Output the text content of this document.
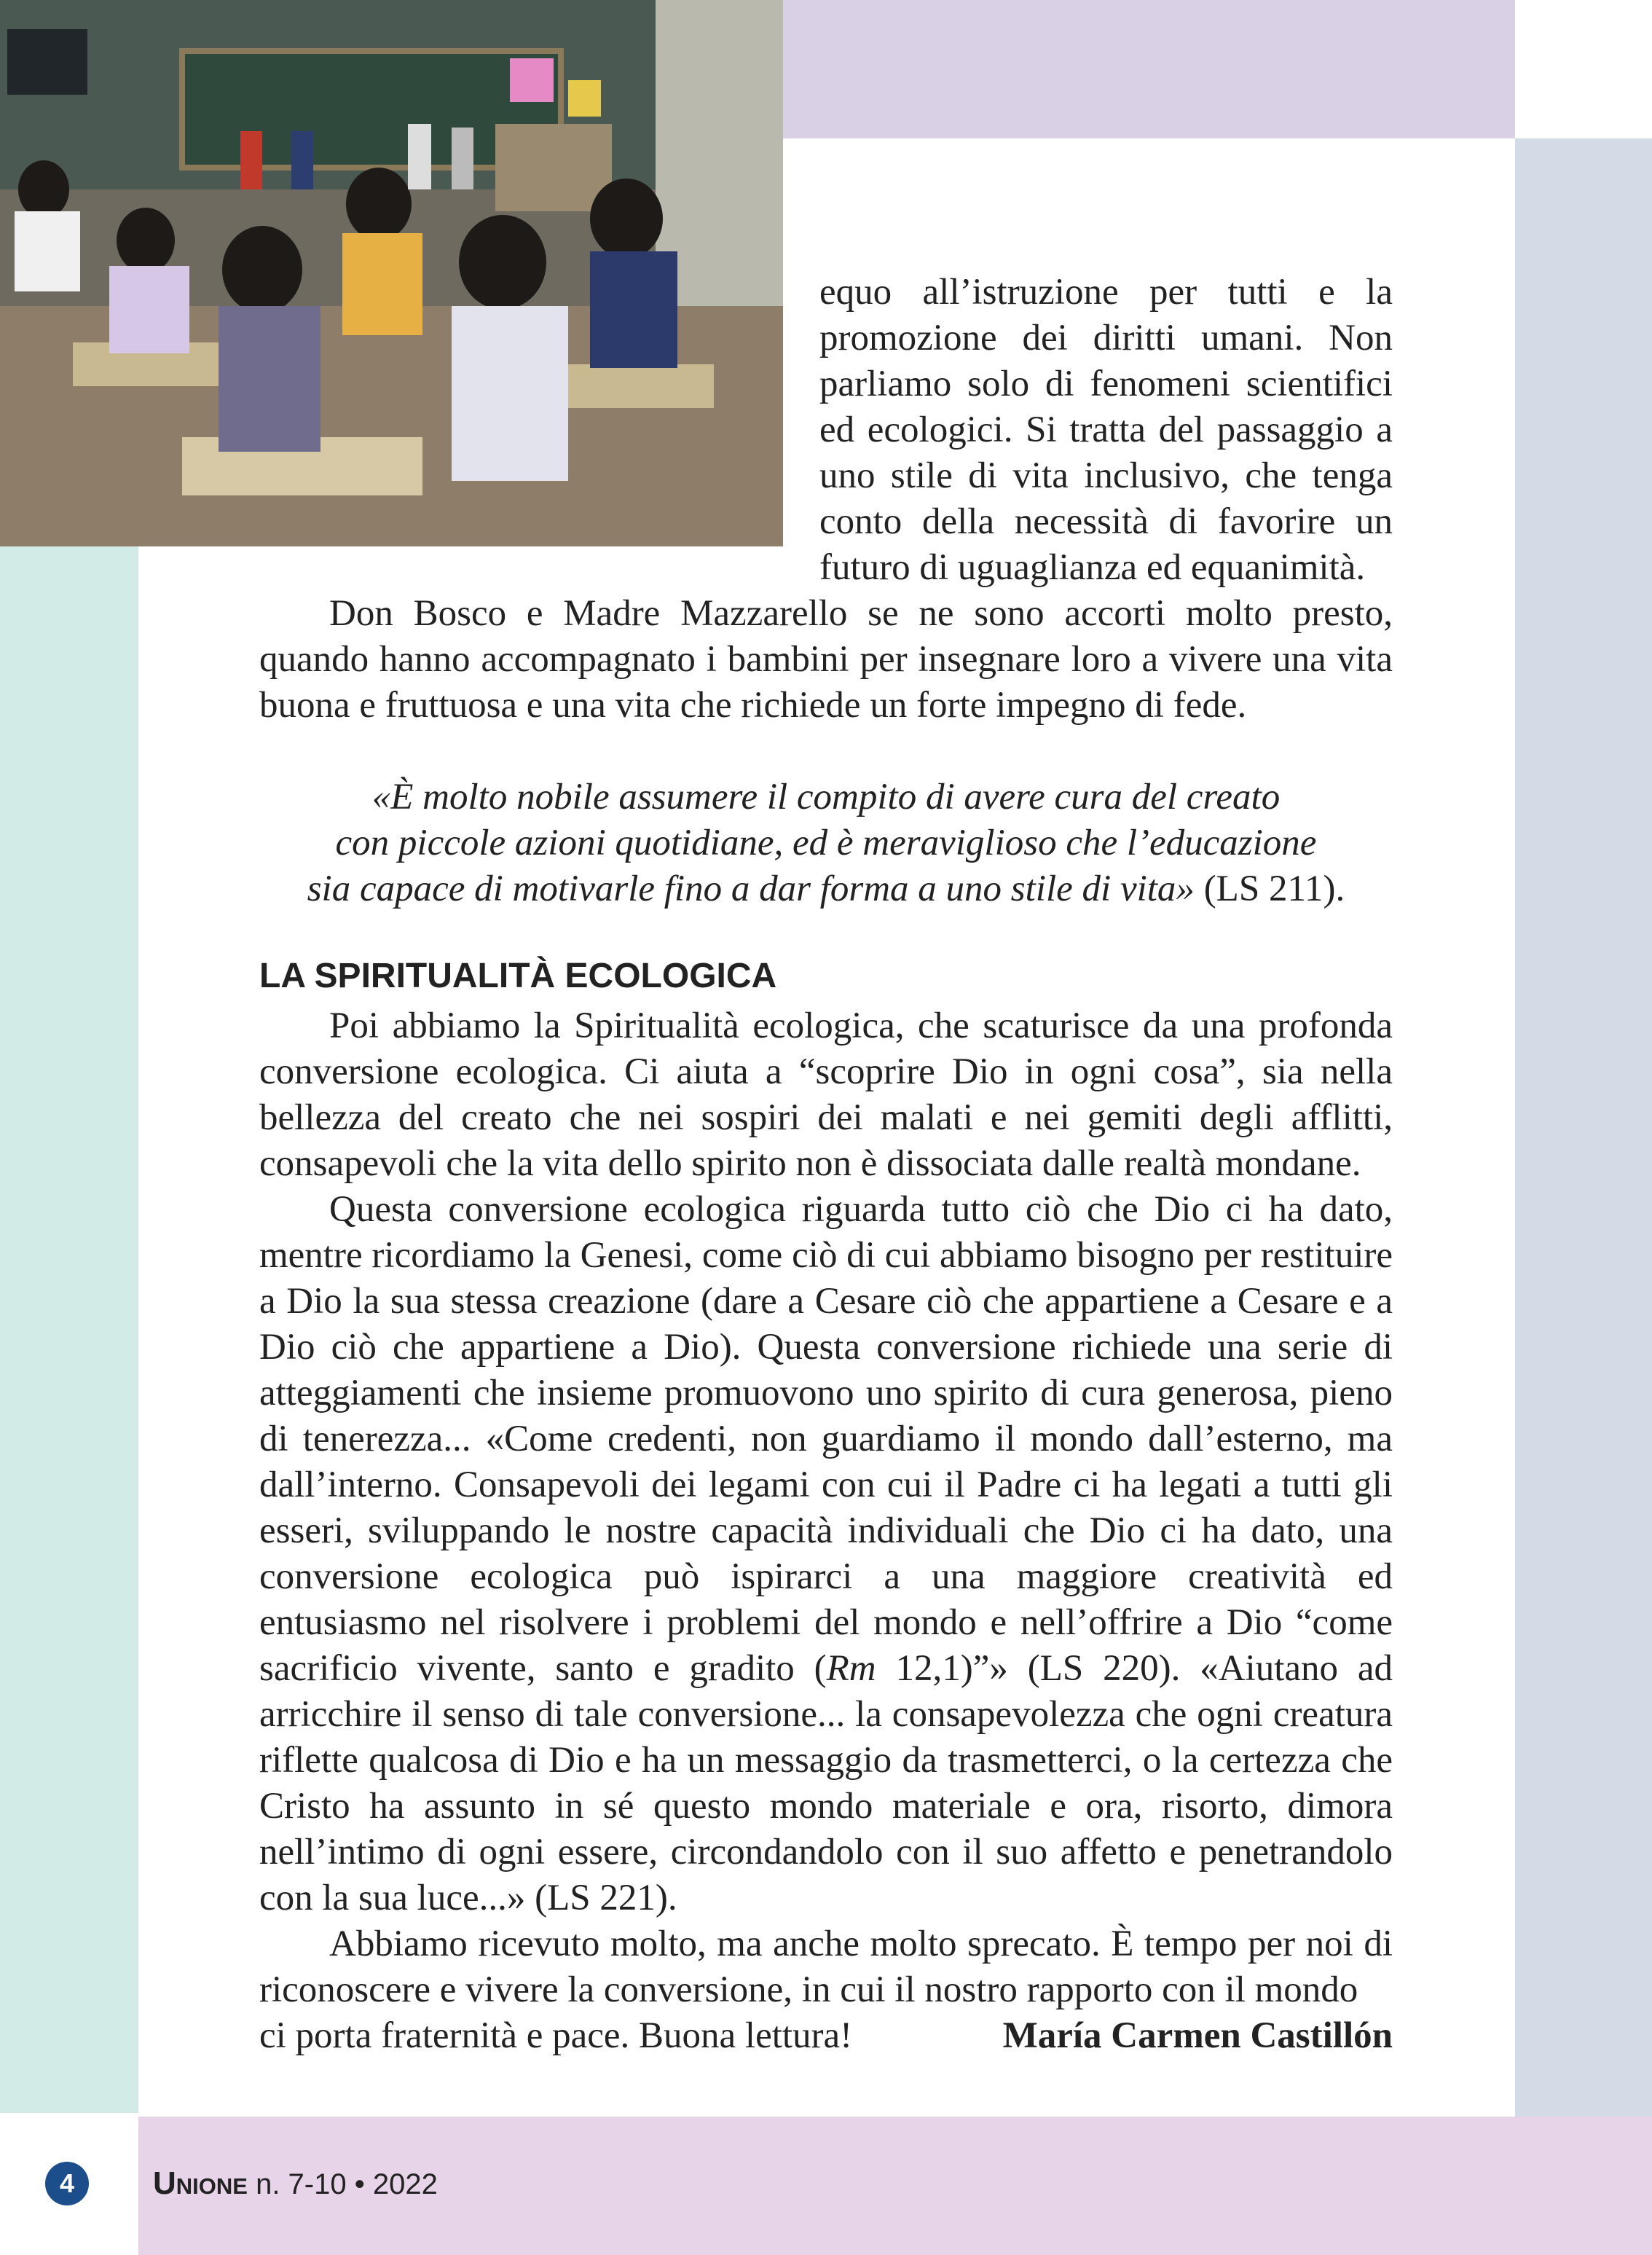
equo all’istruzione per tutti e la promozione dei diritti umani. Non parliamo solo di fenomeni scientifici ed ecologici. Si tratta del passaggio a uno stile di vita inclusivo, che tenga conto della necessità di favorire un futuro di uguaglianza ed equanimità.
Don Bosco e Madre Mazzarello se ne sono accorti molto presto, quando hanno accompagnato i bambini per insegnare loro a vivere una vita buona e fruttuosa e una vita che richiede un forte impegno di fede.
«È molto nobile assumere il compito di avere cura del creato
con piccole azioni quotidiane, ed è meraviglioso che l’educazione
sia capace di motivarle fino a dar forma a uno stile di vita» (LS 211).
LA SPIRITUALITÀ ECOLOGICA

Poi abbiamo la Spiritualità ecologica, che scaturisce da una profonda conversione ecologica. Ci aiuta a “scoprire Dio in ogni cosa”, sia nella bellezza del creato che nei sospiri dei malati e nei gemiti degli afflitti, consapevoli che la vita dello spirito non è dissociata dalle realtà mondane.

Questa conversione ecologica riguarda tutto ciò che Dio ci ha dato, mentre ricordiamo la Genesi, come ciò di cui abbiamo bisogno per restituire a Dio la sua stessa creazione (dare a Cesare ciò che appartiene a Cesare e a Dio ciò che appartiene a Dio). Questa conversione richiede una serie di atteggiamenti che insieme promuovono uno spirito di cura generosa, pieno di tenerezza... «Come credenti, non guardiamo il mondo dall’esterno, ma dall’interno. Consapevoli dei legami con cui il Padre ci ha legati a tutti gli esseri, sviluppando le nostre capacità individuali che Dio ci ha dato, una conversione ecologica può ispirarci a una maggiore creatività ed entusiasmo nel risolvere i problemi del mondo e nell’offrire a Dio “come sacrificio vivente, santo e gradito (Rm 12,1)”» (LS 220). «Aiutano ad arricchire il senso di tale conversione... la consapevolezza che ogni creatura riflette qualcosa di Dio e ha un messaggio da trasmetterci, o la certezza che Cristo ha assunto in sé questo mondo materiale e ora, risorto, dimora nell’intimo di ogni essere, circondandolo con il suo affetto e penetrandolo con la sua luce...» (LS 221).

Abbiamo ricevuto molto, ma anche molto sprecato. È tempo per noi di riconoscere e vivere la conversione, in cui il nostro rapporto con il mondo

ci porta fraternità e pace. Buona lettura!	María Carmen Castillón
4	Unione n. 7-10 • 2022
